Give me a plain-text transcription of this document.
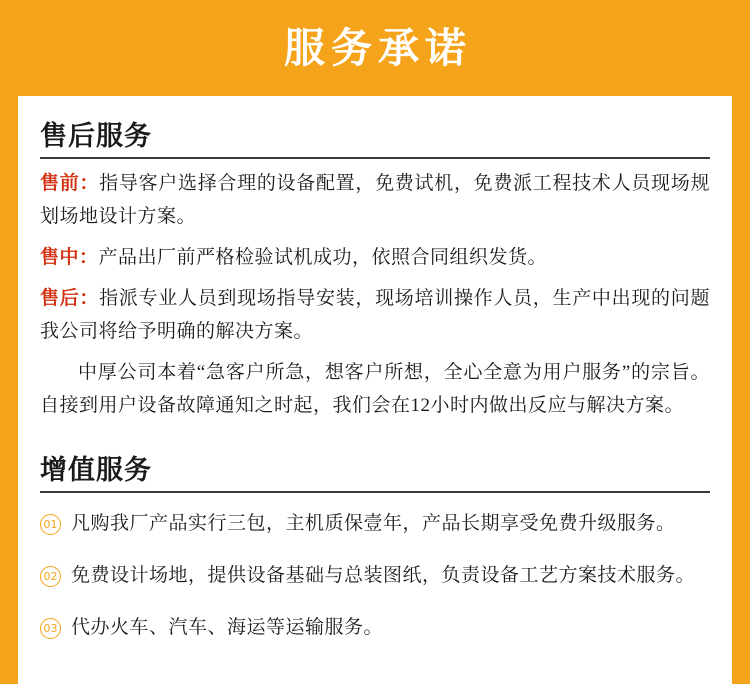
服务承诺
售后服务

售前：指导客户选择合理的设备配置，免费试机，免费派工程技术人员现场规划场地设计方案。

售中：产品出厂前严格检验试机成功，依照合同组织发货。

售后：指派专业人员到现场指导安装，现场培训操作人员，生产中出现的问题我公司将给予明确的解决方案。

中厚公司本着“急客户所急，想客户所想，全心全意为用户服务”的宗旨。自接到用户设备故障通知之时起，我们会在12小时内做出反应与解决方案。

增值服务
01 凡购我厂产品实行三包，主机质保壹年，产品长期享受免费升级服务。
02 免费设计场地，提供设备基础与总装图纸，负责设备工艺方案技术服务。
03 代办火车、汽车、海运等运输服务。
